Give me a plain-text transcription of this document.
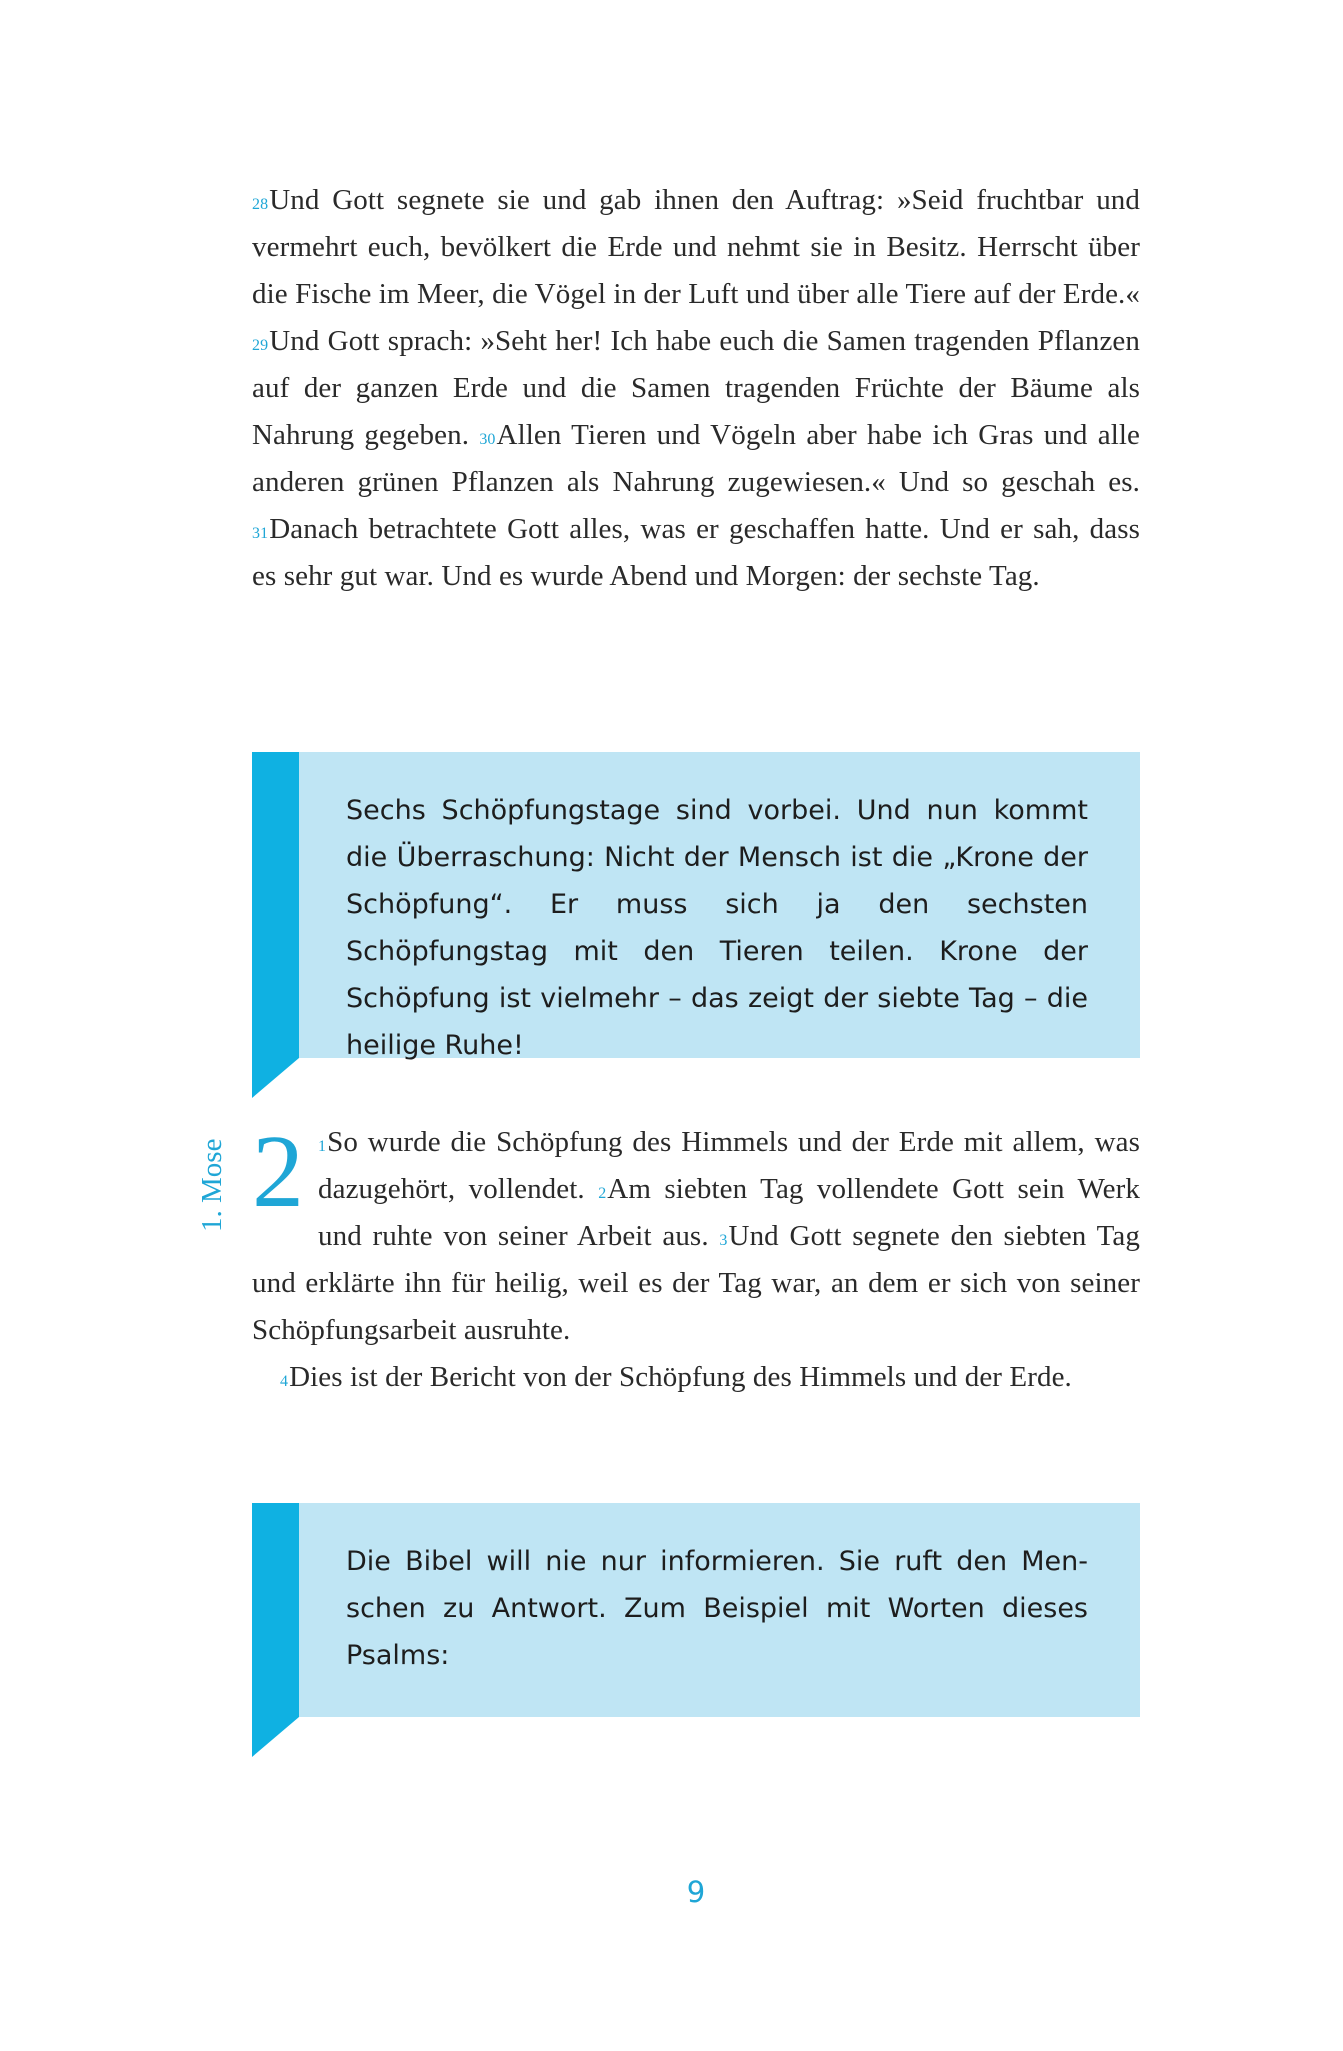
$^{28}$Und Gott segnete sie und gab ihnen den Auftrag: »Seid fruchtbar und vermehrt euch, bevölkert die Erde und nehmt sie in Besitz. Herrscht über die Fische im Meer, die Vögel in der Luft und über alle Tiere auf der Erde.« $^{29}$Und Gott sprach: »Seht her! Ich habe euch die Samen tragenden Pflanzen auf der ganzen Erde und die Samen tragenden Früchte der Bäume als Nahrung gegeben. $^{30}$Allen Tieren und Vögeln aber habe ich Gras und alle anderen grünen Pflanzen als Nahrung zugewiesen.« Und so geschah es. $^{31}$Danach betrachtete Gott alles, was er geschaffen hatte. Und er sah, dass es sehr gut war. Und es wurde Abend und Morgen: der sechste Tag.

Sechs Schöpfungstage sind vorbei. Und nun kommt die Überraschung: Nicht der Mensch ist die „Krone der Schöpfung“. Er muss sich ja den sechsten Schöpfungstag mit den Tieren teilen. Krone der Schöpfung ist vielmehr – das zeigt der siebte Tag – die heilige Ruhe!

1. Mose 2 $^1$So wurde die Schöpfung des Himmels und der Erde mit allem, was dazugehört, vollendet. $^2$Am siebten Tag vollendete Gott sein Werk und ruhte von seiner Arbeit aus. $^3$Und Gott segnete den siebten Tag und erklärte ihn für heilig, weil es der Tag war, an dem er sich von seiner Schöpfungsarbeit ausruhte.

$^4$Dies ist der Bericht von der Schöpfung des Himmels und der Erde.

Die Bibel will nie nur informieren. Sie ruft den Menschen zu Antwort. Zum Beispiel mit Worten dieses Psalms:

9
